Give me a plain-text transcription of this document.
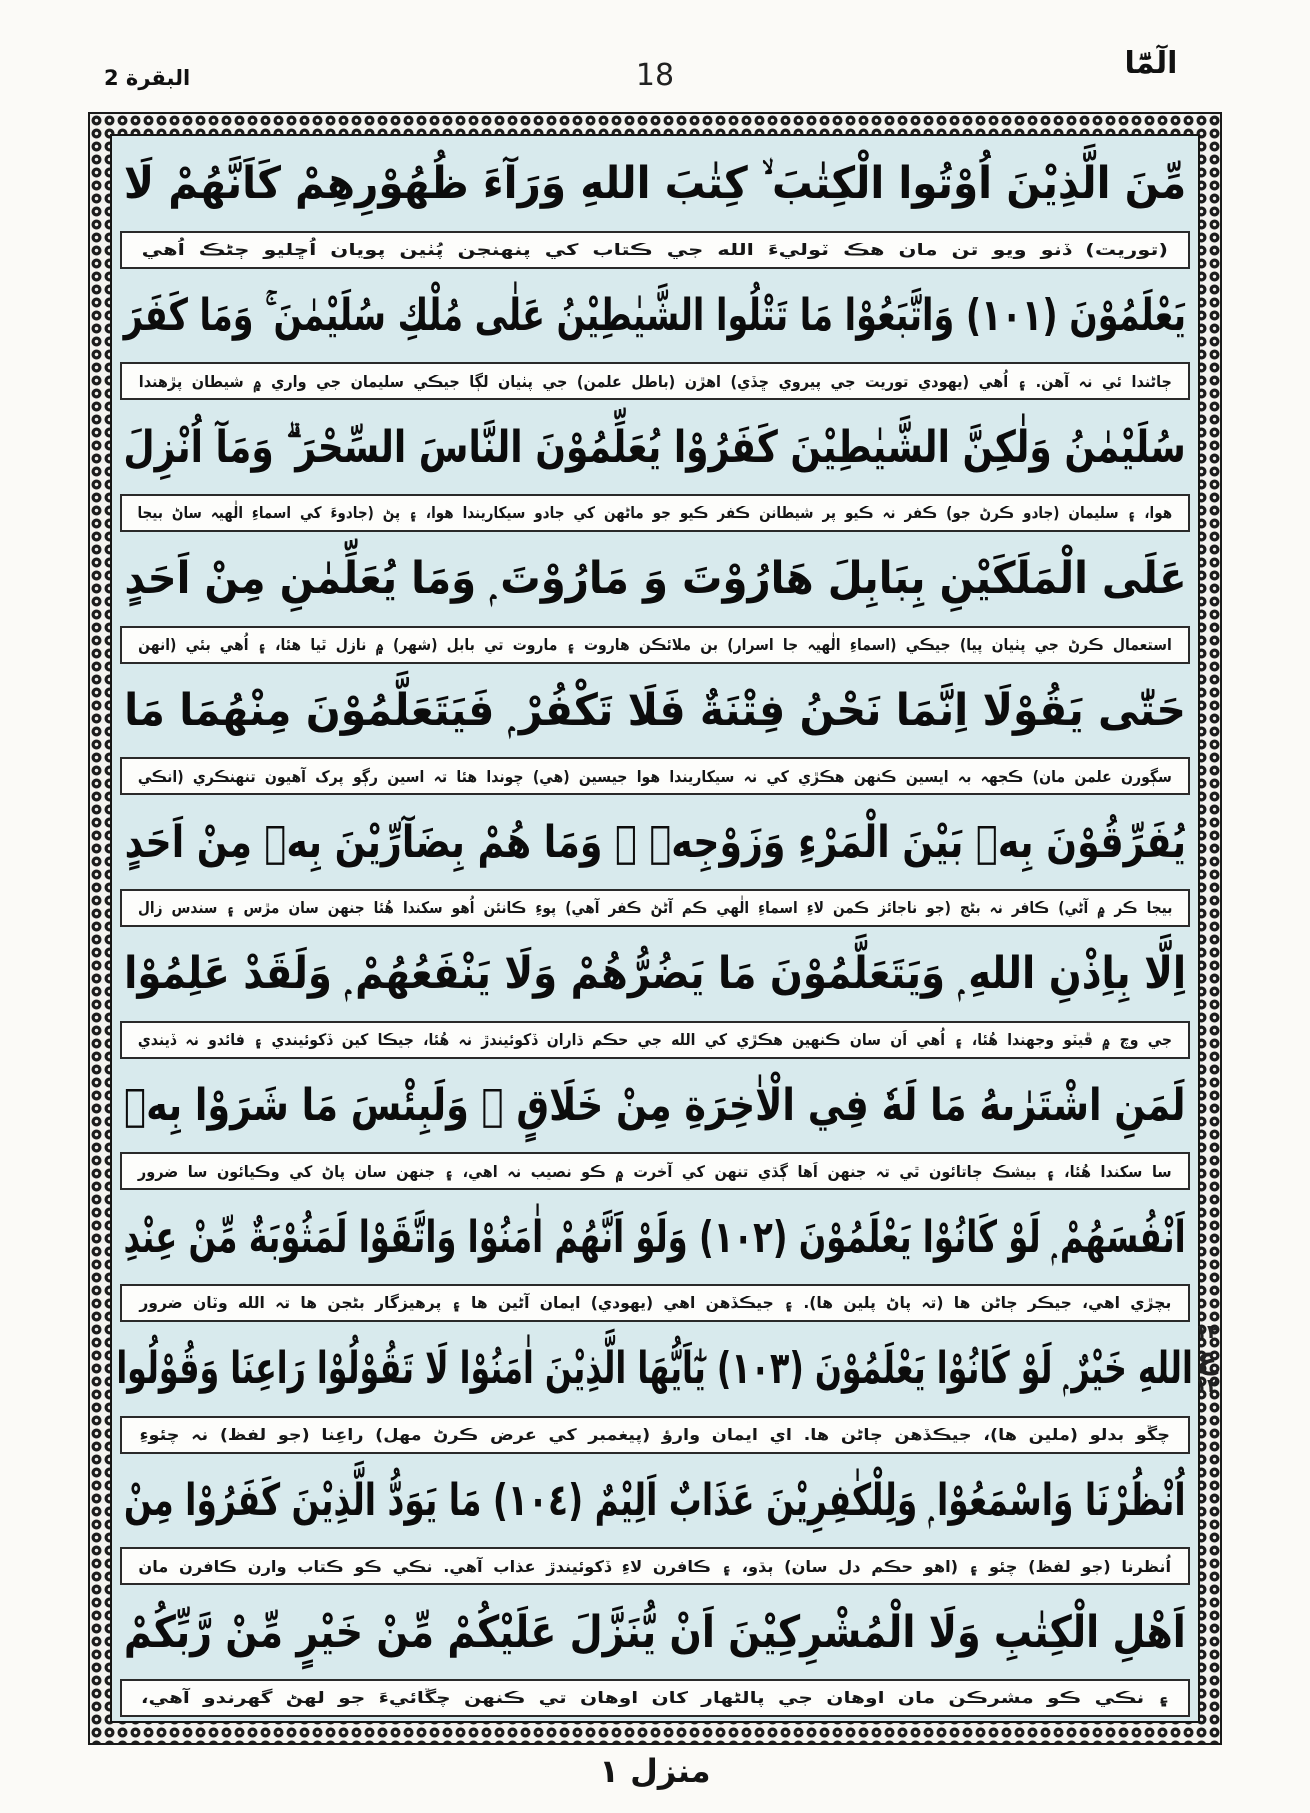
البقرة 2	18	الٓمّٓا
مِّنَ الَّذِيْنَ اُوْتُوا الْكِتٰبَ ۙ كِتٰبَ اللهِ وَرَآءَ ظُهُوْرِهِمْ كَاَنَّهُمْ لَا
(توريت) ڏنو ويو تن مان هڪ ٽوليءَ الله جي ڪتاب کي پنهنجن پُٺين پويان اُڇليو ڄڻڪ اُهي
يَعْلَمُوْنَ (١٠١) وَاتَّبَعُوْا مَا تَتْلُوا الشَّيٰطِيْنُ عَلٰى مُلْكِ سُلَيْمٰنَ ۚ وَمَا كَفَرَ
ڄاڻندا ئي نہ آهن. ۽ اُهي (يهودي توريت جي پيروي ڇڏي) اهڙن (باطل علمن) جي پٺيان لڳا جيڪي سليمان جي واري ۾ شيطان پڙهندا
سُلَيْمٰنُ وَلٰكِنَّ الشَّيٰطِيْنَ كَفَرُوْا يُعَلِّمُوْنَ النَّاسَ السِّحْرَ ۗ وَمَآ اُنْزِلَ
هوا، ۽ سليمان (جادو ڪرڻ جو) ڪفر نہ ڪيو پر شيطانن ڪفر ڪيو جو ماڻهن کي جادو سيکاريندا هوا، ۽ پڻ (جادوءَ کي اسماءِ الٰهيہ ساڻ بيجا
عَلَى الْمَلَكَيْنِ بِبَابِلَ هَارُوْتَ وَ مَارُوْتَ ۭ وَمَا يُعَلِّمٰنِ مِنْ اَحَدٍ
استعمال ڪرڻ جي پٺيان پيا) جيڪي (اسماءِ الٰهيہ جا اسرار) بن ملائڪن هاروت ۽ ماروت تي بابل (شهر) ۾ نازل ٿيا هئا، ۽ اُهي بئي (انهن
حَتّٰى يَقُوْلَا اِنَّمَا نَحْنُ فِتْنَةٌ فَلَا تَكْفُرْ ۭ فَيَتَعَلَّمُوْنَ مِنْهُمَا مَا
سڳورن علمن مان) ڪجهہ بہ ايسين ڪنهن هڪڙي کي نہ سيکاريندا هوا جيسين (هي) چوندا هئا تہ اسين رڳو پرک آهيون تنهنڪري (انڪي
يُفَرِّقُوْنَ بِهٖ بَيْنَ الْمَرْءِ وَزَوْجِهٖ ۭ وَمَا هُمْ بِضَآرِّيْنَ بِهٖ مِنْ اَحَدٍ
بيجا ڪر ۾ آڻي) ڪافر نہ بڻج (جو ناجائز ڪمن لاءِ اسماءِ الٰهي ڪم آڻڻ ڪفر آهي) پوءِ ڪانئن اُهو سکندا هُئا جنهن سان مڙس ۽ سندس زال
اِلَّا بِاِذْنِ اللهِ ۭ وَيَتَعَلَّمُوْنَ مَا يَضُرُّهُمْ وَلَا يَنْفَعُهُمْ ۭ وَلَقَدْ عَلِمُوْا
جي وچ ۾ ڦيٽو وجهندا هُئا، ۽ اُهي اَن سان ڪنهين هڪڙي کي الله جي حڪم ڌاران ڏکوئيندڙ نہ هُئا، جيڪا کين ڏکوئيندي ۽ فائدو نہ ڏيندي
لَمَنِ اشْتَرٰىهُ مَا لَهٗ فِي الْاٰخِرَةِ مِنْ خَلَاقٍ ۭ وَلَبِئْسَ مَا شَرَوْا بِهٖ
سا سکندا هُئا، ۽ بيشڪ ڄاتائون ٿي تہ جنهن اَها ڳڌي تنهن کي آخرت ۾ ڪو نصيب نہ اهي، ۽ جنهن سان پاڻ کي وڪيائون سا ضرور
اَنْفُسَهُمْ ۭ لَوْ كَانُوْا يَعْلَمُوْنَ (١٠٢) وَلَوْ اَنَّهُمْ اٰمَنُوْا وَاتَّقَوْا لَمَثُوْبَةٌ مِّنْ عِنْدِ
بچڙي اهي، جيڪر ڄاڻن ها (تہ پاڻ پلين ها). ۽ جيڪڏهن اهي (يهودي) ايمان آڻين ها ۽ پرهيزگار بڻجن ها تہ الله وٽان ضرور
اللهِ خَيْرٌ ۭ لَوْ كَانُوْا يَعْلَمُوْنَ (١٠٣) يٰٓاَيُّهَا الَّذِيْنَ اٰمَنُوْا لَا تَقُوْلُوْا رَاعِنَا وَقُوْلُوا
چڱو بدلو (ملين ها)، جيڪڏهن ڄاڻن ها. اي ايمان وارؤ (پيغمبر کي عرض ڪرڻ مهل) راعِنا (جو لفظ) نہ چئوءِ
اُنْظُرْنَا وَاسْمَعُوْا ۭ وَلِلْكٰفِرِيْنَ عَذَابٌ اَلِيْمٌ (١٠٤) مَا يَوَدُّ الَّذِيْنَ كَفَرُوْا مِنْ
اُنظرنا (جو لفظ) چئو ۽ (اهو حڪم دل سان) ٻڌو، ۽ ڪافرن لاءِ ڏکوئيندڙ عذاب آهي. نڪي ڪو ڪتاب وارن ڪافرن مان
اَهْلِ الْكِتٰبِ وَلَا الْمُشْرِكِيْنَ اَنْ يُّنَزَّلَ عَلَيْكُمْ مِّنْ خَيْرٍ مِّنْ رَّبِّكُمْ
۽ نڪي ڪو مشرڪن مان اوهان جي پالڻهار کان اوهان تي ڪنهن چڱائيءَ جو لهڻ گهرندو آهي،
۱۲
ع
۱۲
منزل ۱
